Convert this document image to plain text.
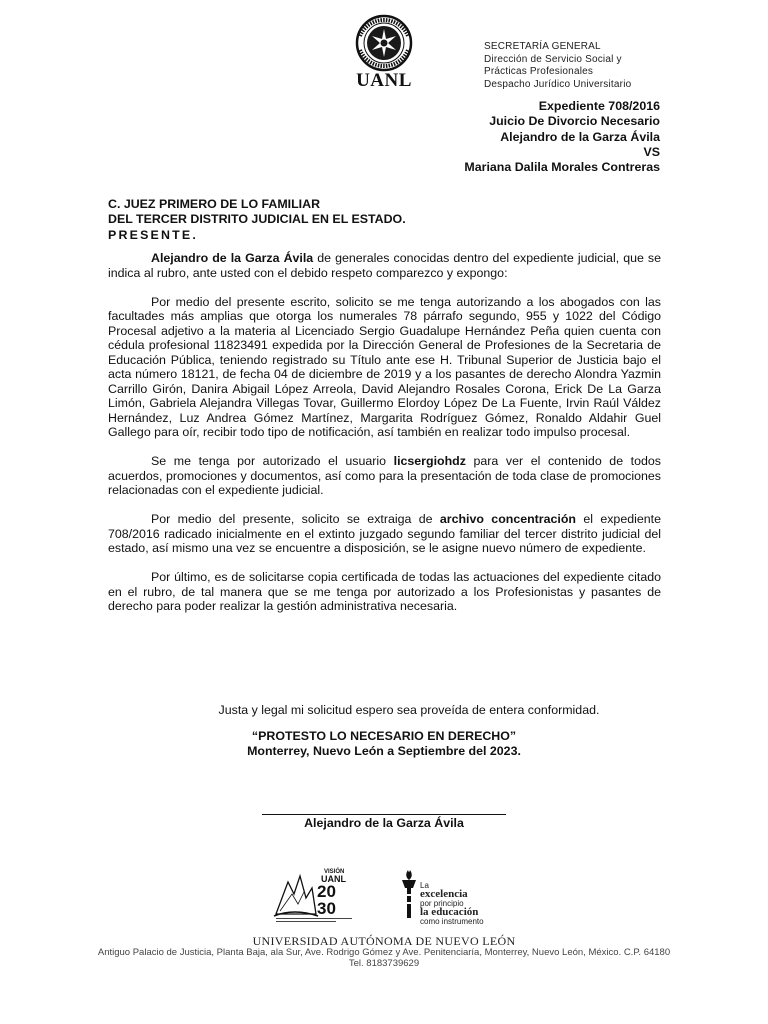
UANL
SECRETARÍA GENERAL
Dirección de Servicio Social y
Prácticas Profesionales
Despacho Jurídico Universitario
Expediente 708/2016
Juicio De Divorcio Necesario
Alejandro de la Garza Ávila
VS
Mariana Dalila Morales Contreras
C. JUEZ PRIMERO DE LO FAMILIAR
DEL TERCER DISTRITO JUDICIAL EN EL ESTADO.
PRESENTE.

Alejandro de la Garza Ávila de generales conocidas dentro del expediente judicial, que se indica al rubro, ante usted con el debido respeto comparezco y expongo:

Por medio del presente escrito, solicito se me tenga autorizando a los abogados con las facultades más amplias que otorga los numerales 78 párrafo segundo, 955 y 1022 del Código Procesal adjetivo a la materia al Licenciado Sergio Guadalupe Hernández Peña quien cuenta con cédula profesional 11823491 expedida por la Dirección General de Profesiones de la Secretaria de Educación Pública, teniendo registrado su Título ante ese H. Tribunal Superior de Justicia bajo el acta número 18121, de fecha 04 de diciembre de 2019 y a los pasantes de derecho Alondra Yazmin Carrillo Girón, Danira Abigail López Arreola, David Alejandro Rosales Corona, Erick De La Garza Limón, Gabriela Alejandra Villegas Tovar, Guillermo Elordoy López De La Fuente, Irvin Raúl Váldez Hernández, Luz Andrea Gómez Martínez, Margarita Rodríguez Gómez, Ronaldo Aldahir Guel Gallego para oír, recibir todo tipo de notificación, así también en realizar todo impulso procesal.

Se me tenga por autorizado el usuario licsergiohdz para ver el contenido de todos acuerdos, promociones y documentos, así como para la presentación de toda clase de promociones relacionadas con el expediente judicial.

Por medio del presente, solicito se extraiga de archivo concentración el expediente 708/2016 radicado inicialmente en el extinto juzgado segundo familiar del tercer distrito judicial del estado, así mismo una vez se encuentre a disposición, se le asigne nuevo número de expediente.

Por último, es de solicitarse copia certificada de todas las actuaciones del expediente citado en el rubro, de tal manera que se me tenga por autorizado a los Profesionistas y pasantes de derecho para poder realizar la gestión administrativa necesaria.

Justa y legal mi solicitud espero sea proveída de entera conformidad.
“PROTESTO LO NECESARIO EN DERECHO”
Monterrey, Nuevo León a Septiembre del 2023.
Alejandro de la Garza Ávila
VISIÓN
UANL
20
30
La
excelencia
por principio
la educación
como instrumento
UNIVERSIDAD AUTÓNOMA DE NUEVO LEÓN
Antiguo Palacio de Justicia, Planta Baja, ala Sur, Ave. Rodrigo Gómez y Ave. Penitenciaría, Monterrey, Nuevo León, México. C.P. 64180
Tel. 8183739629
